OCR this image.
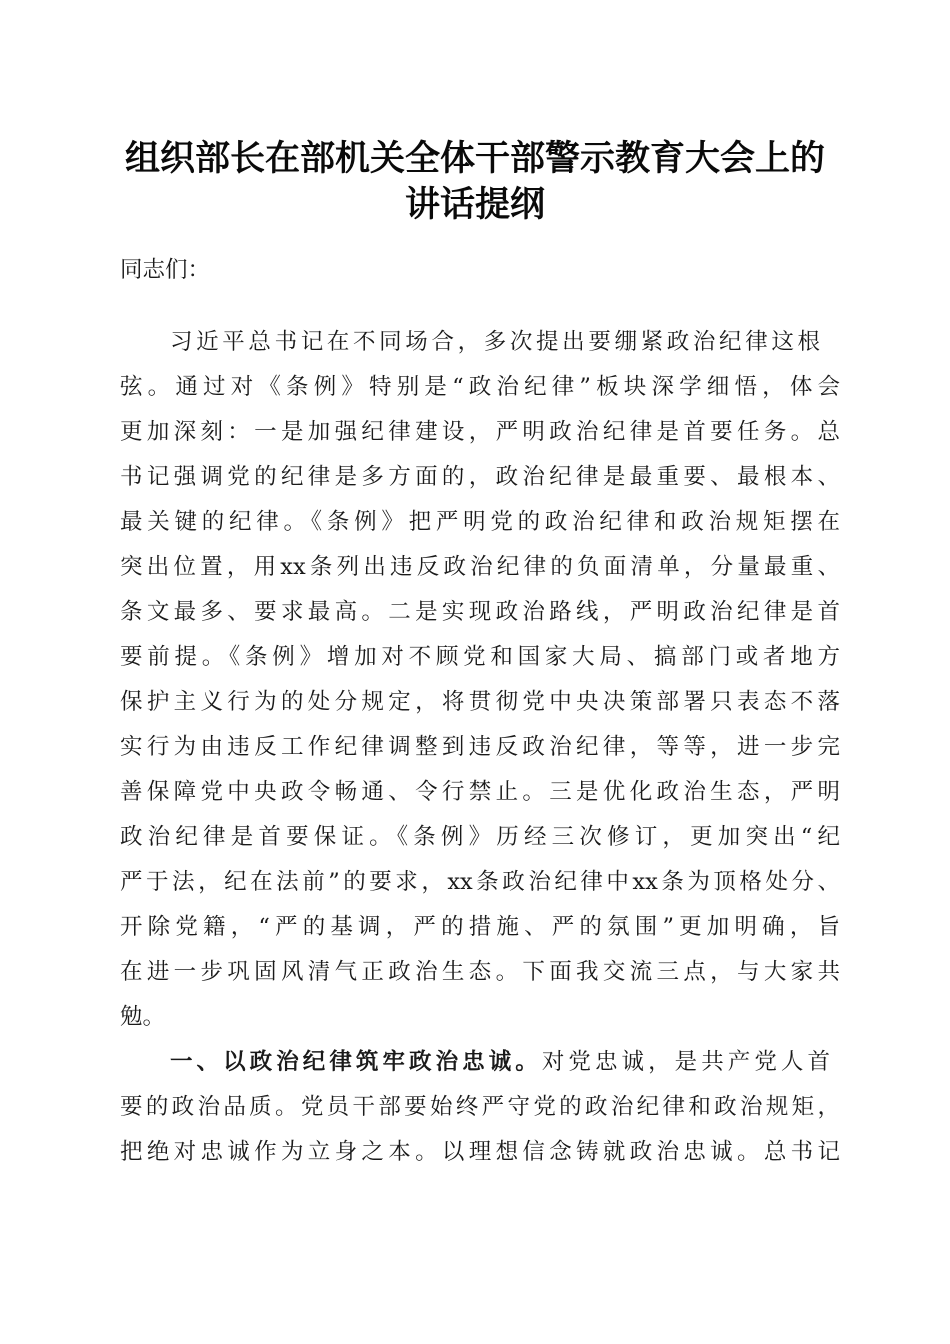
组织部长在部机关全体干部警示教育大会上的
讲话提纲
同志们：
习近平总书记在不同场合，多次提出要绷紧政治纪律这根
弦。通过对《条例》特别是“政治纪律”板块深学细悟，体会
更加深刻：一是加强纪律建设，严明政治纪律是首要任务。总
书记强调党的纪律是多方面的，政治纪律是最重要、最根本、
最关键的纪律。《条例》把严明党的政治纪律和政治规矩摆在
突出位置，用xx条列出违反政治纪律的负面清单，分量最重、
条文最多、要求最高。二是实现政治路线，严明政治纪律是首
要前提。《条例》增加对不顾党和国家大局、搞部门或者地方
保护主义行为的处分规定，将贯彻党中央决策部署只表态不落
实行为由违反工作纪律调整到违反政治纪律，等等，进一步完
善保障党中央政令畅通、令行禁止。三是优化政治生态，严明
政治纪律是首要保证。《条例》历经三次修订，更加突出“纪
严于法，纪在法前”的要求，xx条政治纪律中xx条为顶格处分、
开除党籍，“严的基调，严的措施、严的氛围”更加明确，旨
在进一步巩固风清气正政治生态。下面我交流三点，与大家共
勉。
一、以政治纪律筑牢政治忠诚。对党忠诚，是共产党人首
要的政治品质。党员干部要始终严守党的政治纪律和政治规矩，
把绝对忠诚作为立身之本。以理想信念铸就政治忠诚。总书记
